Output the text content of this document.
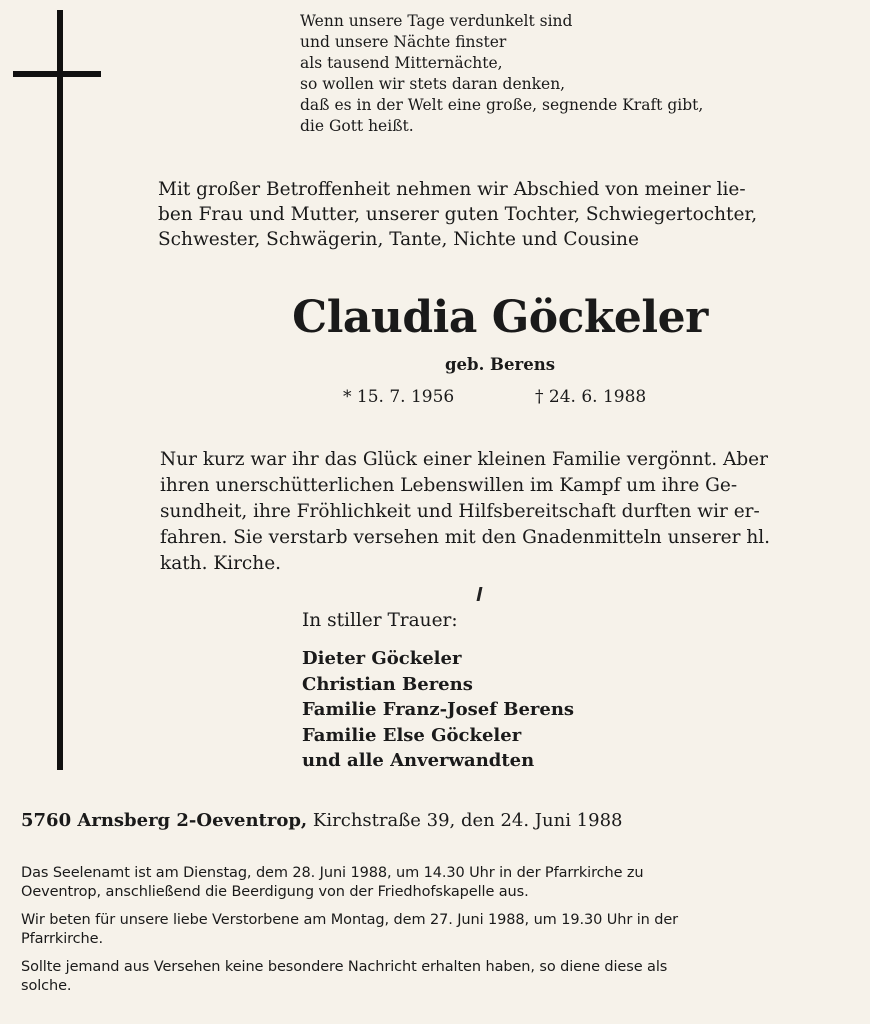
Wenn unsere Tage verdunkelt sind
und unsere Nächte finster
als tausend Mitternächte,
so wollen wir stets daran denken,
daß es in der Welt eine große, segnende Kraft gibt,
die Gott heißt.
Mit großer Betroffenheit nehmen wir Abschied von meiner lie-
ben Frau und Mutter, unserer guten Tochter, Schwiegertochter,
Schwester, Schwägerin, Tante, Nichte und Cousine
Claudia Göckeler
geb. Berens
* 15. 7. 1956	† 24. 6. 1988
Nur kurz war ihr das Glück einer kleinen Familie vergönnt. Aber
ihren unerschütterlichen Lebenswillen im Kampf um ihre Ge-
sundheit, ihre Fröhlichkeit und Hilfsbereitschaft durften wir er-
fahren. Sie verstarb versehen mit den Gnadenmitteln unserer hl.
kath. Kirche.
In stiller Trauer:
Dieter Göckeler
Christian Berens
Familie Franz-Josef Berens
Familie Else Göckeler
und alle Anverwandten
5760 Arnsberg 2-Oeventrop, Kirchstraße 39, den 24. Juni 1988
Das Seelenamt ist am Dienstag, dem 28. Juni 1988, um 14.30 Uhr in der Pfarrkirche zu
Oeventrop, anschließend die Beerdigung von der Friedhofskapelle aus.
Wir beten für unsere liebe Verstorbene am Montag, dem 27. Juni 1988, um 19.30 Uhr in der
Pfarrkirche.
Sollte jemand aus Versehen keine besondere Nachricht erhalten haben, so diene diese als
solche.
